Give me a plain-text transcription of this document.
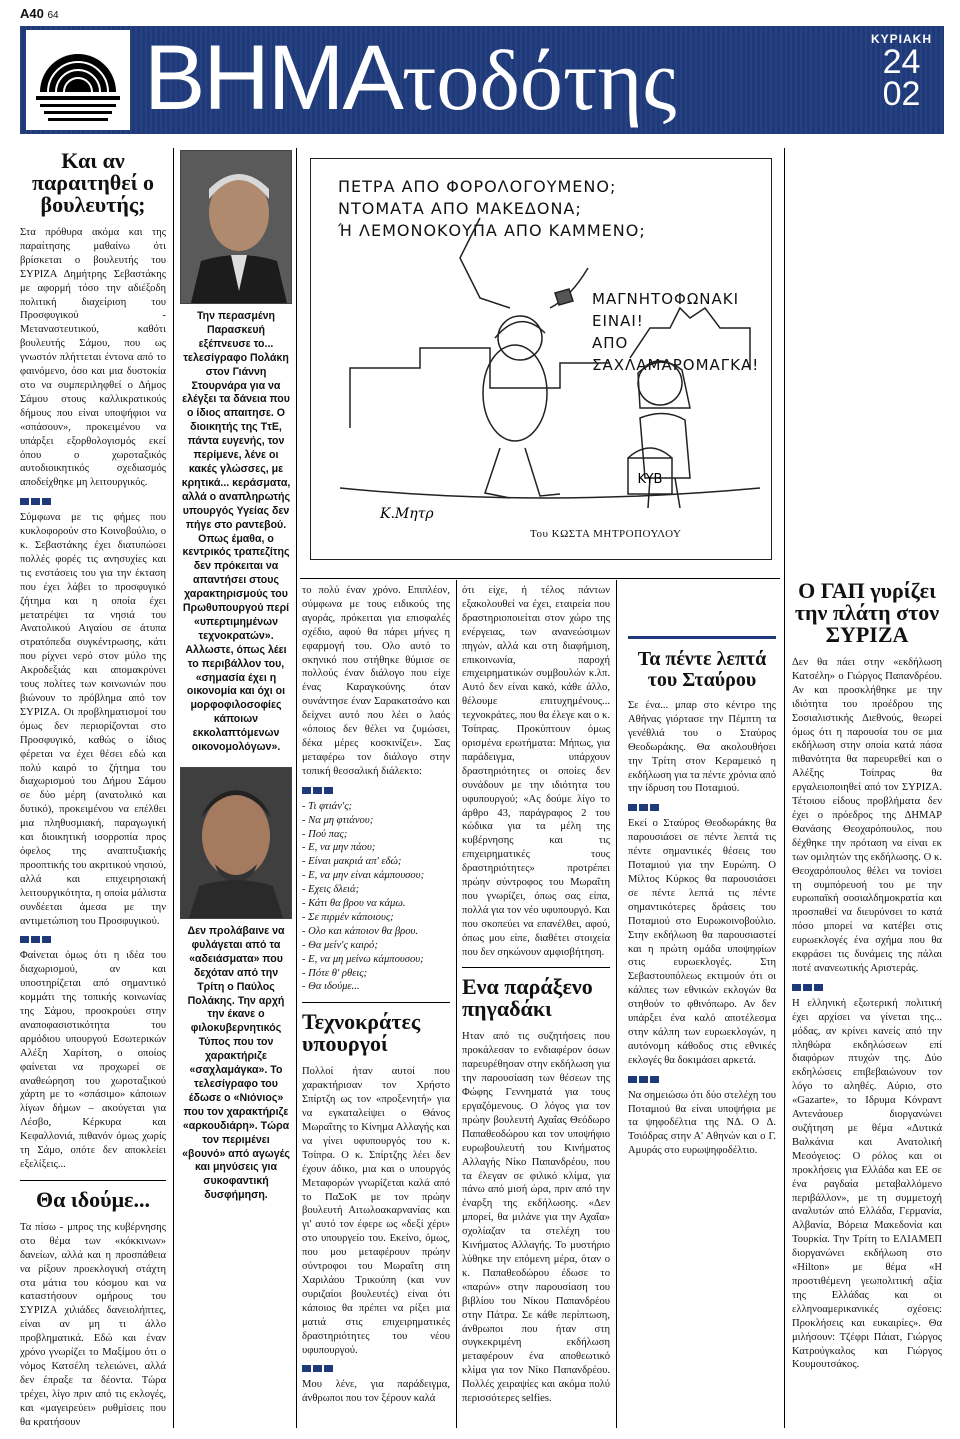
A40 64
ΒΗΜΑτοδότης	ΚΥΡΙΑΚΗ
24
02
Και αν παραιτηθεί ο βουλευτής;

Στα πρόθυρα ακόμα και της παραίτησης μαθαίνω ότι βρίσκεται ο βουλευτής του ΣΥΡΙΖΑ Δημήτρης Σεβαστάκης με αφορμή τόσο την αδιέξοδη πολιτική διαχείριση του Προσφυγικού - Μεταναστευτικού, καθότι βουλευτής Σάμου, που ως γνωστόν πλήττεται έντονα από το φαινόμενο, όσο και μια δυστοκία στο να συμπεριληφθεί ο Δήμος Σάμου στους καλλικρατικούς δήμους που είναι υποψήφιοι να «σπάσουν», προκειμένου να υπάρξει εξορθολογισμός εκεί όπου ο χωροταξικός αυτοδιοικητικός σχεδιασμός αποδείχθηκε μη λειτουργικός.

Σύμφωνα με τις φήμες που κυκλοφορούν στο Κοινοβούλιο, ο κ. Σεβαστάκης έχει διατυπώσει πολλές φορές τις ανησυχίες και τις ενστάσεις του για την έκταση που έχει λάβει το προσφυγικό ζήτημα και η οποία έχει μετατρέψει τα νησιά του Ανατολικού Αιγαίου σε άτυπα στρατόπεδα συγκέντρωσης, κάτι που ρίχνει νερό στον μύλο της Ακροδεξιάς και απομακρύνει τους πολίτες των κοινωνιών που βιώνουν το πρόβλημα από τον ΣΥΡΙΖΑ. Οι προβληματισμοί του όμως δεν περιορίζονται στο Προσφυγικό, καθώς ο ίδιος φέρεται να έχει θέσει εδώ και πολύ καιρό το ζήτημα του διαχωρισμού του Δήμου Σάμου σε δύο μέρη (ανατολικό και δυτικό), προκειμένου να επέλθει μια πληθυσμιακή, παραγωγική και διοικητική ισορροπία προς όφελος της αναπτυξιακής προοπτικής του ακριτικού νησιού, αλλά και επιχειρησιακή λειτουργικότητα, η οποία μάλιστα συνδέεται άμεσα με την αντιμετώπιση του Προσφυγικού.

Φαίνεται όμως ότι η ιδέα του διαχωρισμού, αν και υποστηρίζεται από σημαντικό κομμάτι της τοπικής κοινωνίας της Σάμου, προσκρούει στην αναποφασιστικότητα του αρμόδιου υπουργού Εσωτερικών Αλέξη Χαρίτση, ο οποίος φαίνεται να προχωρεί σε αναθεώρηση του χωροταξικού χάρτη με το «σπάσιμο» κάποιων λίγων δήμων – ακούγεται για Λέσβο, Κέρκυρα και Κεφαλλονιά, πιθανόν όμως χωρίς τη Σάμο, οπότε δεν αποκλείει εξελίξεις...

Θα ιδούμε...

Τα πίσω - μπρος της κυβέρνησης στο θέμα των «κόκκινων» δανείων, αλλά και η προσπάθεια να ρίξουν προεκλογική στάχτη στα μάτια του κόσμου και να καταστήσουν ομήρους του ΣΥΡΙΖΑ χιλιάδες δανειολήπτες, είναι αν μη τι άλλο προβληματικά. Εδώ και έναν χρόνο γνωρίζει το Μαξίμου ότι ο νόμος Κατσέλη τελειώνει, αλλά δεν έπραξε τα δέοντα. Τώρα τρέχει, λίγο πριν από τις εκλογές, και «μαγειρεύει» ρυθμίσεις που θα κρατήσουν

Την περασμένη Παρασκευή εξέπνευσε το... τελεσίγραφο Πολάκη στον Γιάννη Στουρνάρα για να ελέγξει τα δάνεια που ο ίδιος απαιτησε. Ο διοικητής της ΤτΕ, πάντα ευγενής, τον περίμενε, λένε οι κακές γλώσσες, με κρητικά... κεράσματα, αλλά ο αναπληρωτής υπουργός Υγείας δεν πήγε στο ραντεβού. Οπως έμαθα, ο κεντρικός τραπεζίτης δεν πρόκειται να απαντήσει στους χαρακτηρισμούς του Πρωθυπουργού περί «υπερτιμημένων τεχνοκρατών». Αλλωστε, όπως λέει το περιβάλλον του, «σημασία έχει η οικονομία και όχι οι μορφοφιλοσοφίες κάποιων εκκολαπτόμενων οικονομολόγων».
Δεν προλάβαινε να φυλάγεται από τα «αδειάσματα» που δεχόταν από την Τρίτη ο Παύλος Πολάκης. Την αρχή την έκανε ο φιλοκυβερνητικός Τύπος που τον χαρακτήριζε «σαχλαμάγκα». Το τελεσίγραφο του έδωσε ο «Νιόνιος» που τον χαρακτήριζε «αρκουδιάρη». Τώρα τον περιμένει «βουνό» από αγωγές και μηνύσεις για συκοφαντική δυσφήμηση.
ΠΕΤΡΑ ΑΠΟ ΦΟΡΟΛΟΓΟΥΜΕΝΟ;
ΝΤΟΜΑΤΑ ΑΠΟ ΜΑΚΕΔΟΝΑ;
Ή ΛΕΜΟΝΟΚΟΥΠΑ ΑΠΟ ΚΑΜΜΕΝΟ;
ΜΑΓΝΗΤΟΦΩΝΑΚΙ ΕΙΝΑΙ!
ΑΠΟ ΣΑΧΛΑΜΑΡΟΜΑΓΚΑ!
KYB
Κ.Μητρ
Του ΚΩΣΤΑ ΜΗΤΡΟΠΟΥΛΟΥ

το πολύ έναν χρόνο. Επιπλέον, σύμφωνα με τους ειδικούς της αγοράς, πρόκειται για επισφαλές σχέδιο, αφού θα πάρει μήνες η εφαρμογή του. Ολο αυτό το σκηνικό που στήθηκε θύμισε σε πολλούς έναν διάλογο που είχε ένας Καραγκούνης όταν συνάντησε έναν Σαρακατσάνο και δείχνει αυτό που λέει ο λαός «όποιος δεν θέλει να ζυμώσει, δέκα μέρες κοσκινίζει». Σας μεταφέρω τον διάλογο στην τοπική θεσσαλική διάλεκτο:

- Τι φτιάν'ς;

- Να μη φτιάνου;

- Πού πας;

- Ε, να μην πάου;

- Είναι μακριά απ' εδώ;

- Ε, να μην είναι κάμπουσου;

- Εχεις δλειά;

- Κάτι θα βρου να κάμω.

- Σε πιρμέν κάποιους;

- Ολο και κάποιον θα βρου.

- Θα μείν'ς καιρό;

- Ε, να μη μείνω κάμπουσου;

- Πότε θ' ρθεις;

- Θα ιδούμε...

Τεχνοκράτες υπουργοί

Πολλοί ήταν αυτοί που χαρακτήρισαν τον Χρήστο Σπίρτζη ως τον «προξενητή» για να εγκαταλείψει ο Θάνος Μωραΐτης το Κίνημα Αλλαγής και να γίνει υφυπουργός του κ. Τσίπρα. Ο κ. Σπίρτζης λέει δεν έχουν άδικο, μια και ο υπουργός Μεταφορών γνωρίζεται καλά από το ΠαΣοΚ με τον πρώην βουλευτή Αιτωλοακαρνανίας και γι' αυτό τον έφερε ως «δεξί χέρι» στο υπουργείο του. Εκείνο, όμως, που μου μεταφέρουν πρώην σύντροφοι του Μωραΐτη στη Χαριλάου Τρικούπη (και νυν συριζαίοι βουλευτές) είναι ότι κάποιος θα πρέπει να ρίξει μια ματιά στις επιχειρηματικές δραστηριότητες του νέου υφυπουργού.

Μου λένε, για παράδειγμα, άνθρωποι που τον ξέρουν καλά

ότι είχε, ή τέλος πάντων εξακολουθεί να έχει, εταιρεία που δραστηριοποιείται στον χώρο της ενέργειας, των ανανεώσιμων πηγών, αλλά και στη διαφήμιση, επικοινωνία, παροχή επιχειρηματικών συμβουλών κ.λπ. Αυτό δεν είναι κακό, κάθε άλλο, θέλουμε επιτυχημένους... τεχνοκράτες, που θα έλεγε και ο κ. Τσίπρας. Προκύπτουν όμως ορισμένα ερωτήματα: Μήπως, για παράδειγμα, υπάρχουν δραστηριότητες οι οποίες δεν συνάδουν με την ιδιότητα του υφυπουργού; «Ας δούμε λίγο το άρθρο 43, παράγραφος 2 του κώδικα για τα μέλη της κυβέρνησης και τις επιχειρηματικές τους δραστηριότητες» προτρέπει πρώην σύντροφος του Μωραΐτη που γνωρίζει, όπως σας είπα, πολλά για τον νέο υφυπουργό. Και που σκοπεύει να επανέλθει, αφού, όπως μου είπε, διαθέτει στοιχεία που δεν σηκώνουν αμφισβήτηση.

Ενα παράξενο πηγαδάκι

Ηταν από τις συζητήσεις που προκάλεσαν το ενδιαφέρον όσων παρευρέθησαν στην εκδήλωση για την παρουσίαση των θέσεων της Φώφης Γεννηματά για τους εργαζόμενους. Ο λόγος για τον πρώην βουλευτή Αχαΐας Θεόδωρο Παπαθεοδώρου και τον υποψήφιο ευρωβουλευτή του Κινήματος Αλλαγής Νίκο Παπανδρέου, που τα έλεγαν σε φιλικό κλίμα, για πάνω από μισή ώρα, πριν από την έναρξη της εκδήλωσης. «Δεν μπορεί, θα μιλάνε για την Αχαΐα» σχολίαζαν τα στελέχη του Κινήματος Αλλαγής. Το μυστήριο λύθηκε την επόμενη μέρα, όταν ο κ. Παπαθεοδώρου έδωσε το «παρών» στην παρουσίαση του βιβλίου του Νίκου Παπανδρέου στην Πάτρα. Σε κάθε περίπτωση, άνθρωποι που ήταν στη συγκεκριμένη εκδήλωση μεταφέρουν ένα αποθεωτικό κλίμα για τον Νίκο Παπανδρέου. Πολλές χειραψίες και ακόμα πολύ περισσότερες selfies.

Τα πέντε λεπτά του Σταύρου

Σε ένα... μπαρ στο κέντρο της Αθήνας γιόρτασε την Πέμπτη τα γενέθλιά του ο Σταύρος Θεοδωράκης. Θα ακολουθήσει την Τρίτη στον Κεραμεικό η εκδήλωση για τα πέντε χρόνια από την ίδρυση του Ποταμιού.

Εκεί ο Σταύρος Θεοδωράκης θα παρουσιάσει σε πέντε λεπτά τις πέντε σημαντικές θέσεις του Ποταμιού για την Ευρώπη. Ο Μίλτος Κύρκος θα παρουσιάσει σε πέντε λεπτά τις πέντε σημαντικότερες δράσεις του Ποταμιού στο Ευρωκοινοβούλιο. Στην εκδήλωση θα παρουσιαστεί και η πρώτη ομάδα υποψηφίων στις ευρωεκλογές. Στη Σεβαστουπόλεως εκτιμούν ότι οι κάλπες των εθνικών εκλογών θα στηθούν το φθινόπωρο. Αν δεν υπάρξει ένα καλό αποτέλεσμα στην κάλπη των ευρωεκλογών, η αυτόνομη κάθοδος στις εθνικές εκλογές θα δοκιμάσει αρκετά.

Να σημειώσω ότι δύο στελέχη του Ποταμιού θα είναι υποψήφια με τα ψηφοδέλτια της ΝΔ. Ο Δ. Τσιόδρας στην Α' Αθηνών και ο Γ. Αμυράς στο ευρωψηφοδέλτιο.

Ο ΓΑΠ γυρίζει την πλάτη στον ΣΥΡΙΖΑ

Δεν θα πάει στην «εκδήλωση Κατσέλη» ο Γιώργος Παπανδρέου. Αν και προσκλήθηκε με την ιδιότητα του προέδρου της Σοσιαλιστικής Διεθνούς, θεωρεί όμως ότι η παρουσία του σε μια εκδήλωση στην οποία κατά πάσα πιθανότητα θα παρευρεθεί και ο Αλέξης Τσίπρας θα εργαλειοποιηθεί από τον ΣΥΡΙΖΑ. Τέτοιου είδους προβλήματα δεν έχει ο πρόεδρος της ΔΗΜΑΡ Θανάσης Θεοχαρόπουλος, που δέχθηκε την πρόταση να είναι εκ των ομιλητών της εκδήλωσης. Ο κ. Θεοχαρόπουλος θέλει να τονίσει τη συμπόρευσή του με την ευρωπαϊκή σοσιαλδημοκρατία και προσπαθεί να διευρύνσει το κατά πόσο μπορεί να κατέβει στις ευρωεκλογές ένα σχήμα που θα εκφράσει τις δυνάμεις της πάλαι ποτέ ανανεωτικής Αριστεράς.

Η ελληνική εξωτερική πολιτική έχει αρχίσει να γίνεται της... μόδας, αν κρίνει κανείς από την πληθώρα εκδηλώσεων επί διαφόρων πτυχών της. Δύο εκδηλώσεις επιβεβαιώνουν τον λόγο το αληθές. Αύριο, στο «Gazarte», το Ιδρυμα Κόνραντ Αντενάουερ διοργανώνει συζήτηση με θέμα «Δυτικά Βαλκάνια και Ανατολική Μεσόγειος: Ο ρόλος και οι προκλήσεις για Ελλάδα και ΕΕ σε ένα ραγδαία μεταβαλλόμενο περιβάλλον», με τη συμμετοχή αναλυτών από Ελλάδα, Γερμανία, Αλβανία, Βόρεια Μακεδονία και Τουρκία. Την Τρίτη το ΕΛΙΑΜΕΠ διοργανώνει εκδήλωση στο «Hilton» με θέμα «Η προστιθέμενη γεωπολιτική αξία της Ελλάδας και οι ελληνοαμερικανικές σχέσεις: Προκλήσεις και ευκαιρίες». Θα μιλήσουν: Τζέφρι Πάιατ, Γιώργος Κατρούγκαλος και Γιώργος Κουμουτσάκος.
